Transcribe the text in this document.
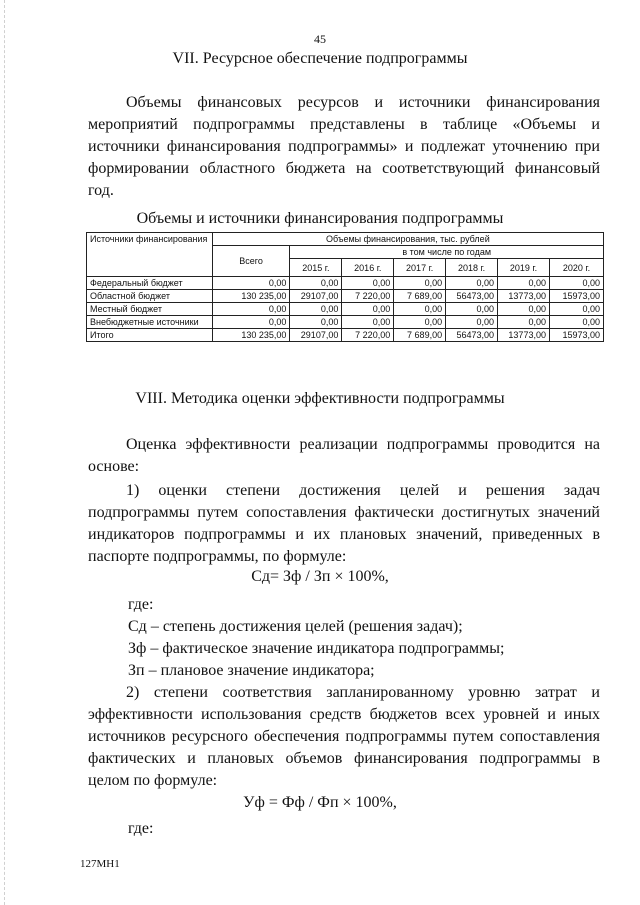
45
VII. Ресурсное обеспечение подпрограммы
Объемы финансовых ресурсов и источники финансирования
мероприятий подпрограммы представлены в таблице «Объемы и
источники финансирования подпрограммы» и подлежат уточнению при
формировании областного бюджета на соответствующий финансовый
год.
Объемы и источники финансирования подпрограммы
Источники финансирования	Объемы финансирования, тыс. рублей						
	Всего	в том числе по годам					
		2015 г.	2016 г.	2017 г.	2018 г.	2019 г.	2020 г.
Федеральный бюджет	0,00	0,00	0,00	0,00	0,00	0,00	0,00
Областной бюджет	130 235,00	29107,00	7 220,00	7 689,00	56473,00	13773,00	15973,00
Местный бюджет	0,00	0,00	0,00	0,00	0,00	0,00	0,00
Внебюджетные источники	0,00	0,00	0,00	0,00	0,00	0,00	0,00
Итого	130 235,00	29107,00	7 220,00	7 689,00	56473,00	13773,00	15973,00
VIII. Методика оценки эффективности подпрограммы
Оценка эффективности реализации подпрограммы проводится на
основе:
1) оценки степени достижения целей и решения задач
подпрограммы путем сопоставления фактически достигнутых значений
индикаторов подпрограммы и их плановых значений, приведенных в
паспорте подпрограммы, по формуле:
Сд= Зф / Зп × 100%,
где:
Сд – степень достижения целей (решения задач);
Зф – фактическое значение индикатора подпрограммы;
Зп – плановое значение индикатора;
2) степени соответствия запланированному уровню затрат и
эффективности использования средств бюджетов всех уровней и иных
источников ресурсного обеспечения подпрограммы путем сопоставления
фактических и плановых объемов финансирования подпрограммы в
целом по формуле:
Уф = Фф / Фп × 100%,
где:
127МН1
